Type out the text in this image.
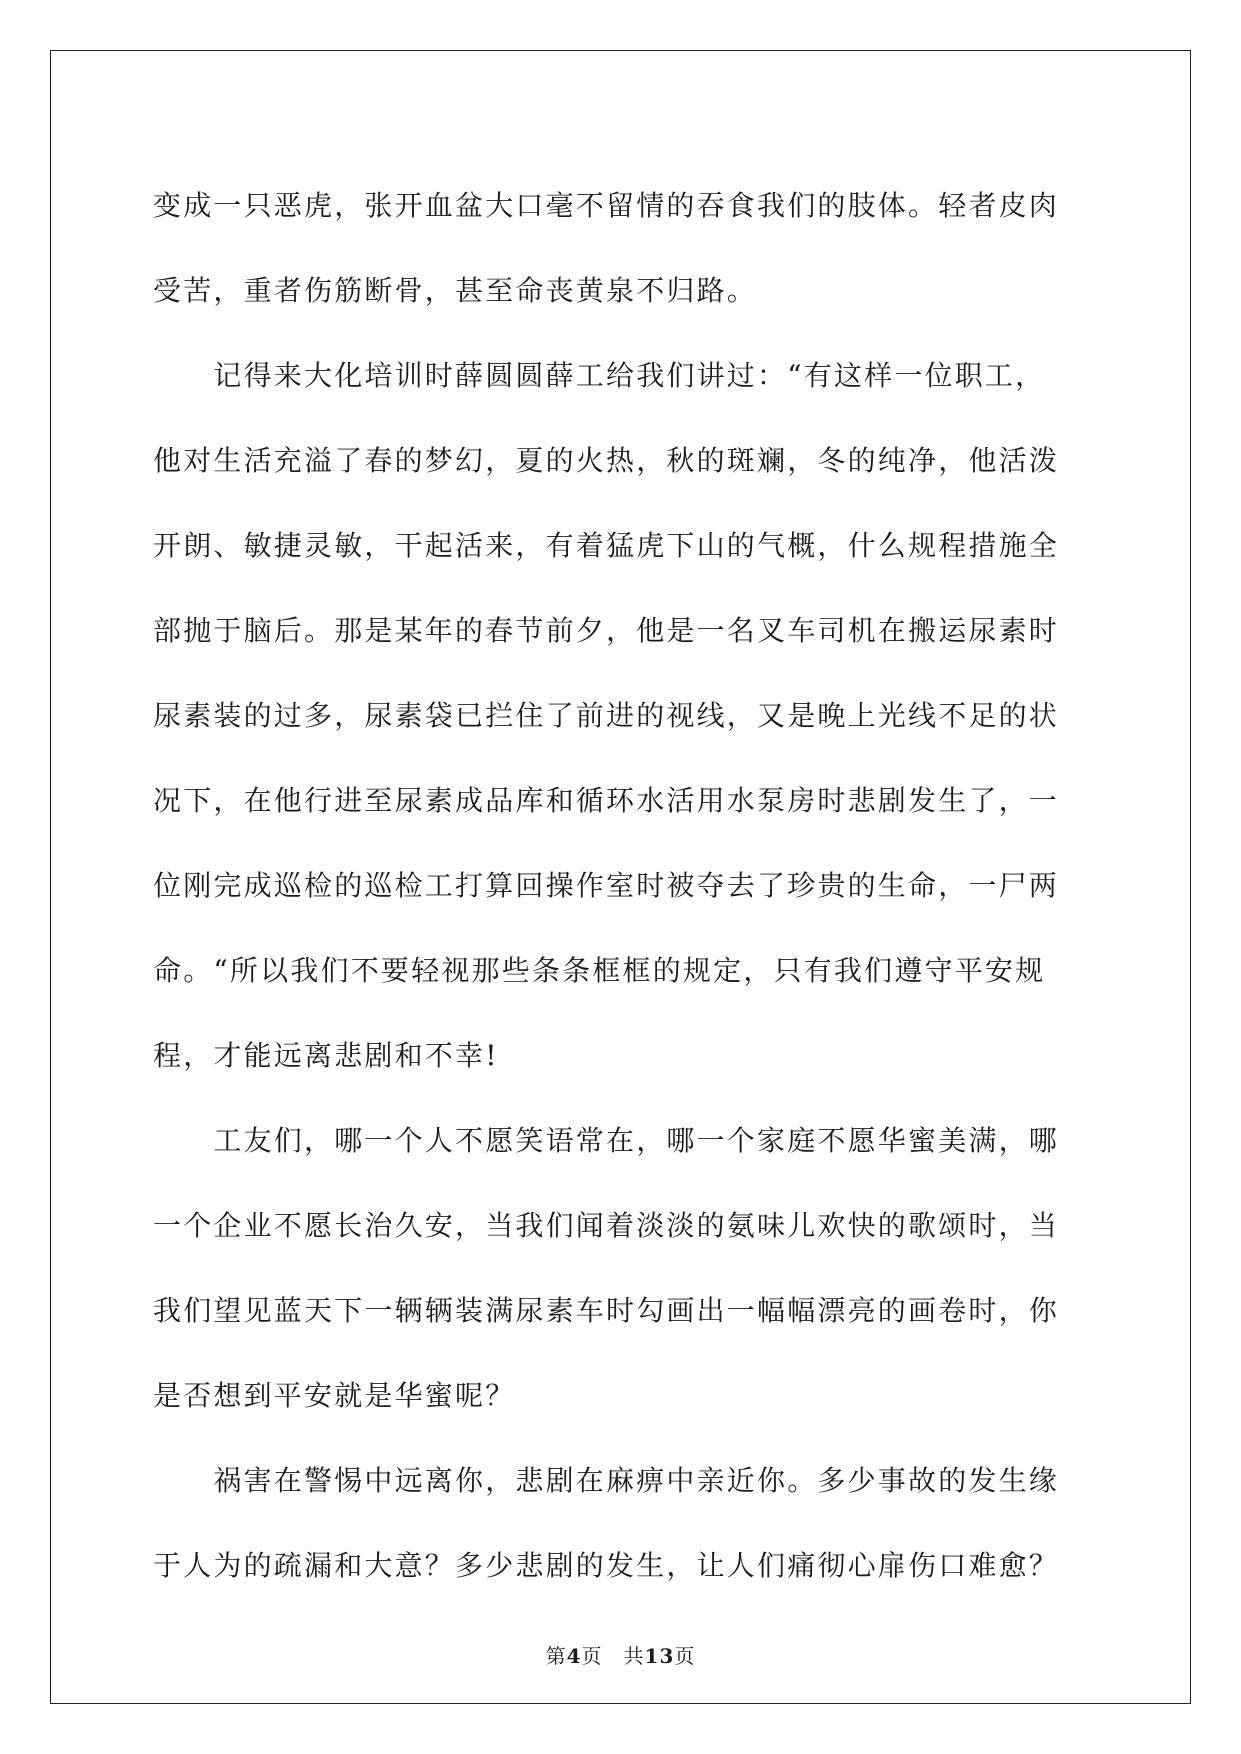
变成一只恶虎，张开血盆大口毫不留情的吞食我们的肢体。轻者皮肉
受苦，重者伤筋断骨，甚至命丧黄泉不归路。
　　记得来大化培训时薛圆圆薛工给我们讲过：“有这样一位职工，
他对生活充溢了春的梦幻，夏的火热，秋的斑斓，冬的纯净，他活泼
开朗、敏捷灵敏，干起活来，有着猛虎下山的气概，什么规程措施全
部抛于脑后。那是某年的春节前夕，他是一名叉车司机在搬运尿素时
尿素装的过多，尿素袋已拦住了前进的视线，又是晚上光线不足的状
况下，在他行进至尿素成品库和循环水活用水泵房时悲剧发生了，一
位刚完成巡检的巡检工打算回操作室时被夺去了珍贵的生命，一尸两
命。“所以我们不要轻视那些条条框框的规定，只有我们遵守平安规
程，才能远离悲剧和不幸!
　　工友们，哪一个人不愿笑语常在，哪一个家庭不愿华蜜美满，哪
一个企业不愿长治久安，当我们闻着淡淡的氨味儿欢快的歌颂时，当
我们望见蓝天下一辆辆装满尿素车时勾画出一幅幅漂亮的画卷时，你
是否想到平安就是华蜜呢？
　　祸害在警惕中远离你，悲剧在麻痹中亲近你。多少事故的发生缘
于人为的疏漏和大意？多少悲剧的发生，让人们痛彻心扉伤口难愈？
第4页　共13页
